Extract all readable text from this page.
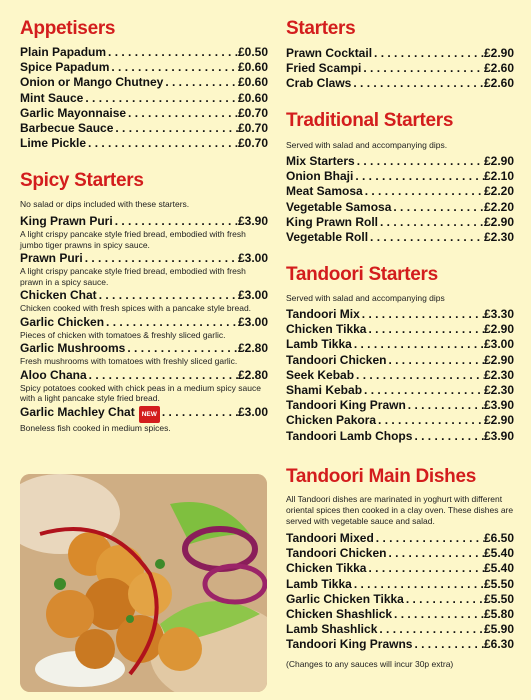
Appetisers
Plain Papadum . . .	£0.50
Spice Papadum . . .	£0.60
Onion or Mango Chutney . . .	£0.60
Mint Sauce . . .	£0.60
Garlic Mayonnaise . . .	£0.70
Barbecue Sauce . . .	£0.70
Lime Pickle . . .	£0.70
Spicy Starters

No salad or dips included with these starters.

King Prawn Puri . . .	£3.90

A light crispy pancake style fried bread, embodied with fresh jumbo tiger prawns in spicy sauce.

Prawn Puri . . .	£3.00

A light crispy pancake style fried bread, embodied with fresh prawn in a spicy sauce.

Chicken Chat . . .	£3.00

Chicken cooked with fresh spices with a pancake style bread.

Garlic Chicken . . .	£3.00

Pieces of chicken with tomatoes & freshly sliced garlic.

Garlic Mushrooms . . .	£2.80

Fresh mushrooms with tomatoes with freshly sliced garlic.

Aloo Chana . . .	£2.80

Spicy potatoes cooked with chick peas in a medium spicy sauce with a light pancake style fried bread.

Garlic Machley Chat	NEW . . .	£3.00

Boneless fish cooked in medium spices.

Starters
Prawn Cocktail . . .	£2.90
Fried Scampi . . .	£2.60
Crab Claws . . .	£2.60
Traditional Starters

Served with salad and accompanying dips.

Mix Starters . . .	£2.90
Onion Bhaji . . .	£2.10
Meat Samosa . . .	£2.20
Vegetable Samosa . . .	£2.20
King Prawn Roll . . .	£2.90
Vegetable Roll . . .	£2.30
Tandoori Starters

Served with salad and accompanying dips

Tandoori Mix . . .	£3.30
Chicken Tikka . . .	£2.90
Lamb Tikka . . .	£3.00
Tandoori Chicken . . .	£2.90
Seek Kebab . . .	£2.30
Shami Kebab . . .	£2.30
Tandoori King Prawn . . .	£3.90
Chicken Pakora . . .	£2.90
Tandoori Lamb Chops . . .	£3.90
Tandoori Main Dishes

All Tandoori dishes are marinated in yoghurt with different oriental spices then cooked in a clay oven. These dishes are served with vegetable sauce and salad.

Tandoori Mixed . . .	£6.50
Tandoori Chicken . . .	£5.40
Chicken Tikka . . .	£5.40
Lamb Tikka . . .	£5.50
Garlic Chicken Tikka . . .	£5.50
Chicken Shashlick . . .	£5.80
Lamb Shashlick . . .	£5.90
Tandoori King Prawns . . .	£6.30

(Changes to any sauces will incur 30p extra)
